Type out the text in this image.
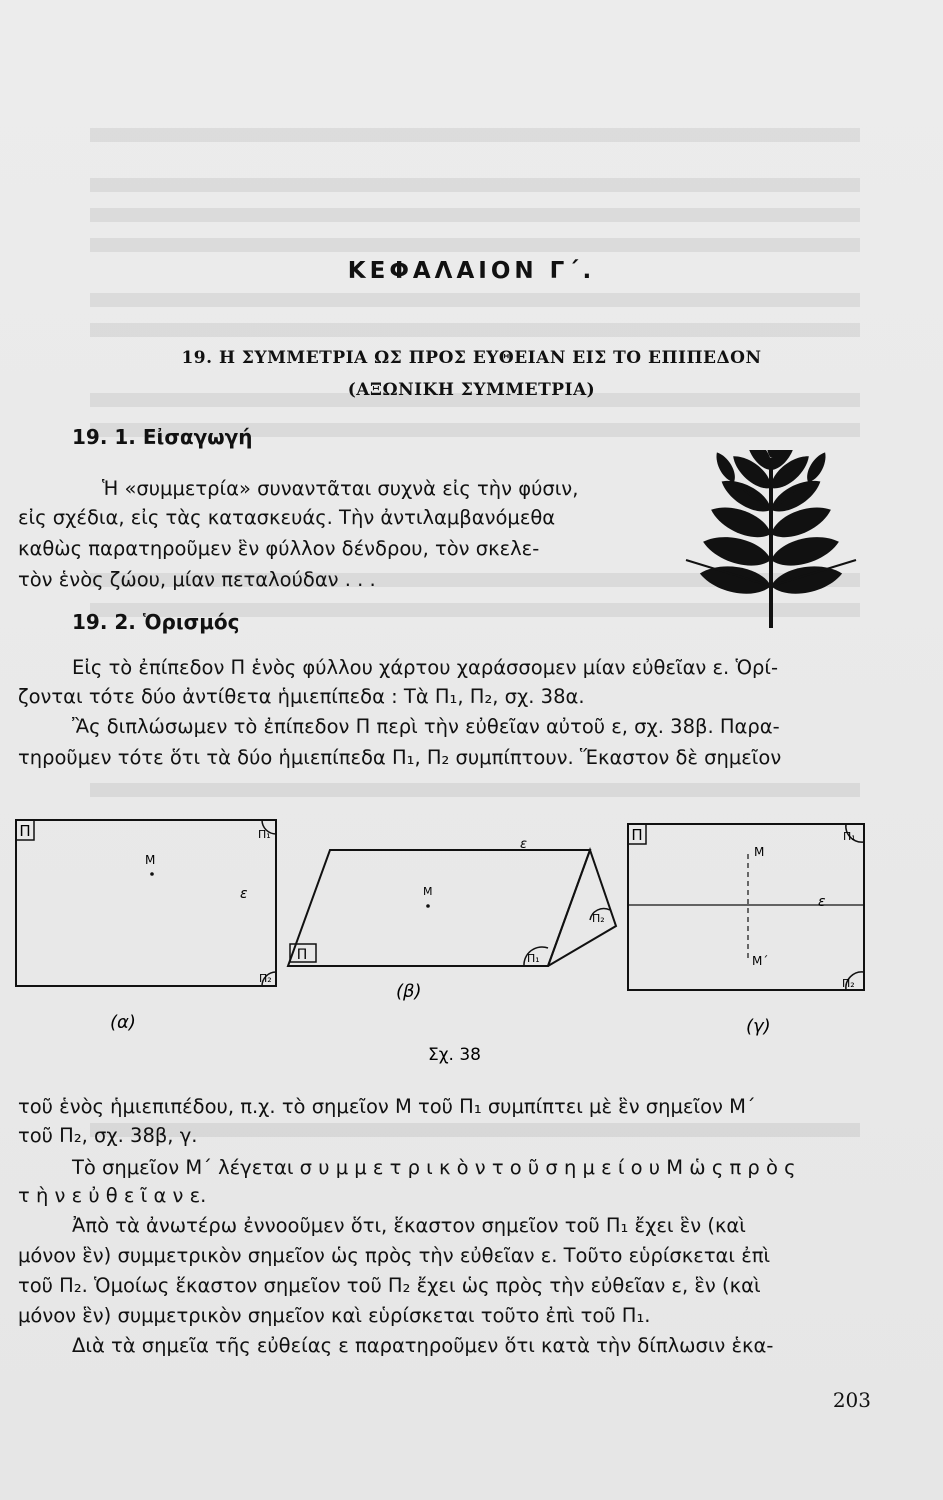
ΚΕΦΑΛΑΙΟΝ Γ΄.
19. Η ΣΥΜΜΕΤΡΙΑ ΩΣ ΠΡΟΣ ΕΥΘΕΙΑΝ ΕΙΣ ΤΟ ΕΠΙΠΕΔΟΝ
(ΑΞΩΝΙΚΗ ΣΥΜΜΕΤΡΙΑ)
19. 1. Εἰσαγωγή
Ἡ «συμμετρία» συναντᾶται συχνὰ εἰς τὴν φύσιν,
εἰς σχέδια, εἰς τὰς κατασκευάς. Τὴν ἀντιλαμβανόμεθα
καθὼς παρατηροῦμεν ἓν φύλλον δένδρου, τὸν σκελε-
τὸν ἑνὸς ζώου, μίαν πεταλούδαν . . .
19. 2. Ὁρισμός
Εἰς τὸ ἐπίπεδον Π ἑνὸς φύλλου χάρτου χαράσσομεν μίαν εὐθεῖαν ε. Ὁρί-
ζονται τότε δύο ἀντίθετα ἡμιεπίπεδα : Τὰ Π₁, Π₂, σχ. 38α.
Ἂς διπλώσωμεν τὸ ἐπίπεδον Π περὶ τὴν εὐθεῖαν αὐτοῦ ε, σχ. 38β. Παρα-
τηροῦμεν τότε ὅτι τὰ δύο ἡμιεπίπεδα Π₁, Π₂ συμπίπτουν. Ἕκαστον δὲ σημεῖον
Π	Π₁
Μ
ε
Π₂
(α)
Π
ε
Μ
Π₁
Π₂
(β)
Π	Π₁
Μ
ε
Μ΄
Π₂
(γ)
Σχ. 38
τοῦ ἑνὸς ἡμιεπιπέδου, π.χ. τὸ σημεῖον Μ τοῦ Π₁ συμπίπτει μὲ ἓν σημεῖον Μ΄
τοῦ Π₂, σχ. 38β, γ.
Τὸ σημεῖον Μ΄ λέγεται σ υ μ μ ε τ ρ ι κ ὸ ν τ ο ῦ σ η μ ε ί ο υ Μ ὡ ς π ρ ὸ ς
τ ὴ ν ε ὐ θ ε ῖ α ν ε.
Ἀπὸ τὰ ἀνωτέρω ἐννοοῦμεν ὅτι, ἕκαστον σημεῖον τοῦ Π₁ ἔχει ἓν (καὶ
μόνον ἓν) συμμετρικὸν σημεῖον ὡς πρὸς τὴν εὐθεῖαν ε. Τοῦτο εὑρίσκεται ἐπὶ
τοῦ Π₂. Ὁμοίως ἕκαστον σημεῖον τοῦ Π₂ ἔχει ὡς πρὸς τὴν εὐθεῖαν ε, ἓν (καὶ
μόνον ἓν) συμμετρικὸν σημεῖον καὶ εὑρίσκεται τοῦτο ἐπὶ τοῦ Π₁.
Διὰ τὰ σημεῖα τῆς εὐθείας ε παρατηροῦμεν ὅτι κατὰ τὴν δίπλωσιν ἑκα-
203
